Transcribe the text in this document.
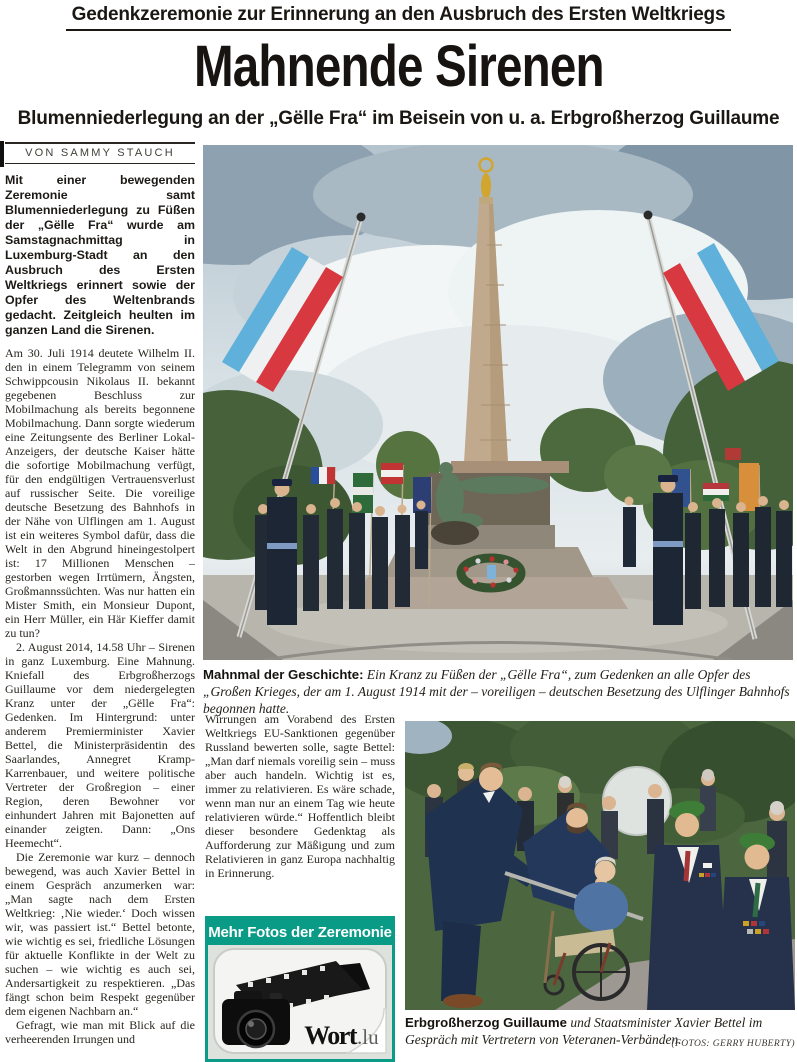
Gedenkzeremonie zur Erinnerung an den Ausbruch des Ersten Weltkriegs
Mahnende Sirenen
Blumenniederlegung an der „Gëlle Fra“ im Beisein von u. a. Erbgroßherzog Guillaume
VON SAMMY STAUCH

Mit einer bewegenden Zeremonie samt Blumenniederlegung zu Füßen der „Gëlle Fra“ wurde am Samstagnachmittag in Luxemburg-Stadt an den Ausbruch des Ersten Weltkriegs erinnert sowie der Opfer des Weltenbrands gedacht. Zeitgleich heulten im ganzen Land die Sirenen.

Am 30. Juli 1914 deutete Wilhelm II. den in einem Telegramm von seinem Schwippcousin Nikolaus II. bekannt gegebenen Beschluss zur Mobilmachung als bereits begonnene Mobilmachung. Dann sorgte wiederum eine Zeitungsente des Berliner Lokal-Anzeigers, der deutsche Kaiser hätte die sofortige Mobilmachung verfügt, für den endgültigen Vertrauensverlust auf russischer Seite. Die voreilige deutsche Besetzung des Bahnhofs in der Nähe von Ulflingen am 1. August ist ein weiteres Symbol dafür, dass die Welt in den Abgrund hineingestolpert ist: 17 Millionen Menschen – gestorben wegen Irrtümern, Ängsten, Großmannssüchten. Was nur hatten ein Mister Smith, ein Monsieur Dupont, ein Herr Müller, ein Här Kieffer damit zu tun?

2. August 2014, 14.58 Uhr – Sirenen in ganz Luxemburg. Eine Mahnung. Kniefall des Erbgroßherzogs Guillaume vor dem niedergelegten Kranz unter der „Gëlle Fra“: Gedenken. Im Hintergrund: unter anderem Premierminister Xavier Bettel, die Ministerpräsidentin des Saarlandes, Annegret Kramp-Karrenbauer, und weitere politische Vertreter der Großregion – einer Region, deren Bewohner vor einhundert Jahren mit Bajonetten auf einander zeigten. Dann: „Ons Heemecht“.

Die Zeremonie war kurz – dennoch bewegend, was auch Xavier Bettel in einem Gespräch anzumerken war: „Man sagte nach dem Ersten Weltkrieg: ‚Nie wieder.‘ Doch wissen wir, was passiert ist.“ Bettel betonte, wie wichtig es sei, friedliche Lösungen für aktuelle Konflikte in der Welt zu suchen – wie wichtig es auch sei, Andersartigkeit zu respektieren. „Das fängt schon beim Respekt gegenüber dem eigenen Nachbarn an.“

Gefragt, wie man mit Blick auf die verheerenden Irrungen und

Mahnmal der Geschichte: Ein Kranz zu Füßen der „Gëlle Fra“, zum Gedenken an alle Opfer des „Großen Krieges, der am 1. August 1914 mit der – voreiligen – deutschen Besetzung des Ulflinger Bahnhofs begonnen hatte.

Wirrungen am Vorabend des Ersten Weltkriegs EU-Sanktionen gegenüber Russland bewerten solle, sagte Bettel: „Man darf niemals voreilig sein – muss aber auch handeln. Wichtig ist es, immer zu relativieren. Es wäre schade, wenn man nur an einem Tag wie heute relativieren würde.“ Hoffentlich bleibt dieser besondere Gedenktag als Aufforderung zur Mäßigung und zum Relativieren in ganz Europa nachhaltig in Erinnerung.

Mehr Fotos der Zeremonie
Wort .lu
Erbgroßherzog Guillaume und Staatsminister Xavier Bettel im Gespräch mit Vertretern von Veteranen-Verbänden.
(FOTOS: GERRY HUBERTY)
